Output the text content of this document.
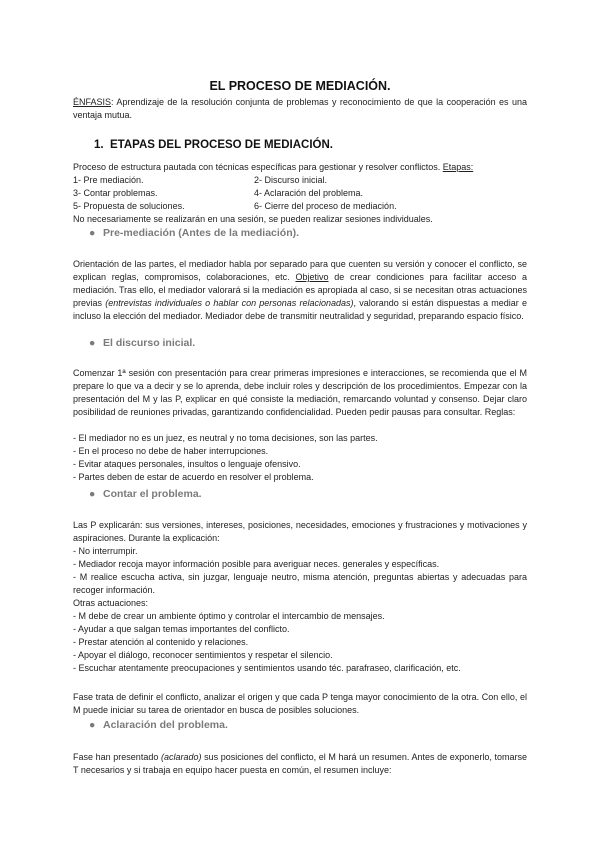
EL PROCESO DE MEDIACIÓN.
ÉNFASIS: Aprendizaje de la resolución conjunta de problemas y reconocimiento de que la cooperación es una ventaja mutua.
1. ETAPAS DEL PROCESO DE MEDIACIÓN.
Proceso de estructura pautada con técnicas específicas para gestionar y resolver conflictos. Etapas:
1- Pre mediación.	2- Discurso inicial.
3- Contar problemas.	4- Aclaración del problema.
5- Propuesta de soluciones.	6- Cierre del proceso de mediación.
No necesariamente se realizarán en una sesión, se pueden realizar sesiones individuales.
● Pre-mediación (Antes de la mediación).
Orientación de las partes, el mediador habla por separado para que cuenten su versión y conocer el conflicto, se explican reglas, compromisos, colaboraciones, etc. Objetivo de crear condiciones para facilitar acceso a mediación. Tras ello, el mediador valorará si la mediación es apropiada al caso, si se necesitan otras actuaciones previas (entrevistas individuales o hablar con personas relacionadas), valorando si están dispuestas a mediar e incluso la elección del mediador. Mediador debe de transmitir neutralidad y seguridad, preparando espacio físico.
● El discurso inicial.
Comenzar 1ª sesión con presentación para crear primeras impresiones e interacciones, se recomienda que el M prepare lo que va a decir y se lo aprenda, debe incluir roles y descripción de los procedimientos. Empezar con la presentación del M y las P, explicar en qué consiste la mediación, remarcando voluntad y consenso. Dejar claro posibilidad de reuniones privadas, garantizando confidencialidad. Pueden pedir pausas para consultar. Reglas:
- El mediador no es un juez, es neutral y no toma decisiones, son las partes.
- En el proceso no debe de haber interrupciones.
- Evitar ataques personales, insultos o lenguaje ofensivo.
- Partes deben de estar de acuerdo en resolver el problema.
● Contar el problema.
Las P explicarán: sus versiones, intereses, posiciones, necesidades, emociones y frustraciones y motivaciones y aspiraciones. Durante la explicación:
- No interrumpir.
- Mediador recoja mayor información posible para averiguar neces. generales y específicas.
- M realice escucha activa, sin juzgar, lenguaje neutro, misma atención, preguntas abiertas y adecuadas para recoger información.
Otras actuaciones:
- M debe de crear un ambiente óptimo y controlar el intercambio de mensajes.
- Ayudar a que salgan temas importantes del conflicto.
- Prestar atención al contenido y relaciones.
- Apoyar el diálogo, reconocer sentimientos y respetar el silencio.
- Escuchar atentamente preocupaciones y sentimientos usando téc. parafraseo, clarificación, etc.
Fase trata de definir el conflicto, analizar el origen y que cada P tenga mayor conocimiento de la otra. Con ello, el M puede iniciar su tarea de orientador en busca de posibles soluciones.
● Aclaración del problema.
Fase han presentado (aclarado) sus posiciones del conflicto, el M hará un resumen. Antes de exponerlo, tomarse T necesarios y si trabaja en equipo hacer puesta en común, el resumen incluye:
